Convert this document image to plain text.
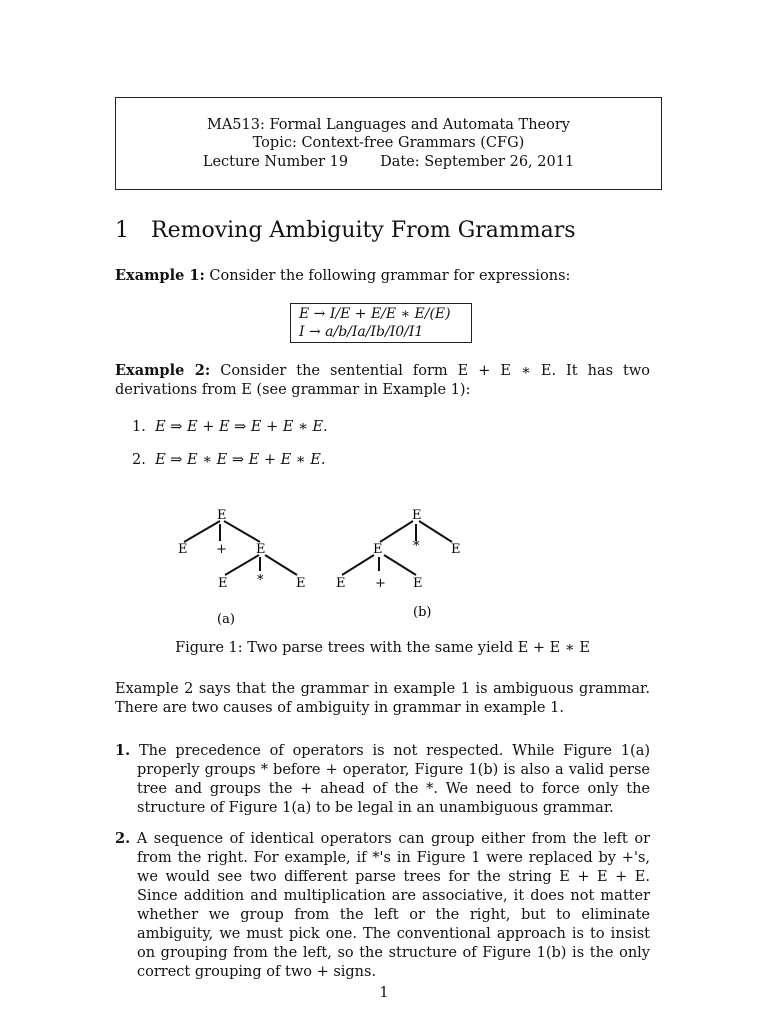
MA513: Formal Languages and Automata Theory
Topic: Context-free Grammars (CFG)
Lecture Number 19 Date: September 26, 2011
1 Removing Ambiguity From Grammars
Example 1: Consider the following grammar for expressions:
E → I/E + E/E ∗ E/(E)
I → a/b/Ia/Ib/I0/I1
Example 2: Consider the sentential form E + E ∗ E. It has two derivations from E (see grammar in Example 1):
1. E ⇒ E + E ⇒ E + E ∗ E.
2. E ⇒ E ∗ E ⇒ E + E ∗ E.
E
E + E
E *	E
(a)
E
E * E
E + E
(b)
Figure 1: Two parse trees with the same yield E + E ∗ E
Example 2 says that the grammar in example 1 is ambiguous grammar. There are two causes of ambiguity in grammar in example 1.
1. The precedence of operators is not respected. While Figure 1(a) properly groups * before + operator, Figure 1(b) is also a valid perse tree and groups the + ahead of the *. We need to force only the structure of Figure 1(a) to be legal in an unambiguous grammar.
2. A sequence of identical operators can group either from the left or from the right. For example, if *'s in Figure 1 were replaced by +'s, we would see two different parse trees for the string E + E + E. Since addition and multiplication are associative, it does not matter whether we group from the left or the right, but to eliminate ambiguity, we must pick one. The conventional approach is to insist on grouping from the left, so the structure of Figure 1(b) is the only correct grouping of two + signs.
1
